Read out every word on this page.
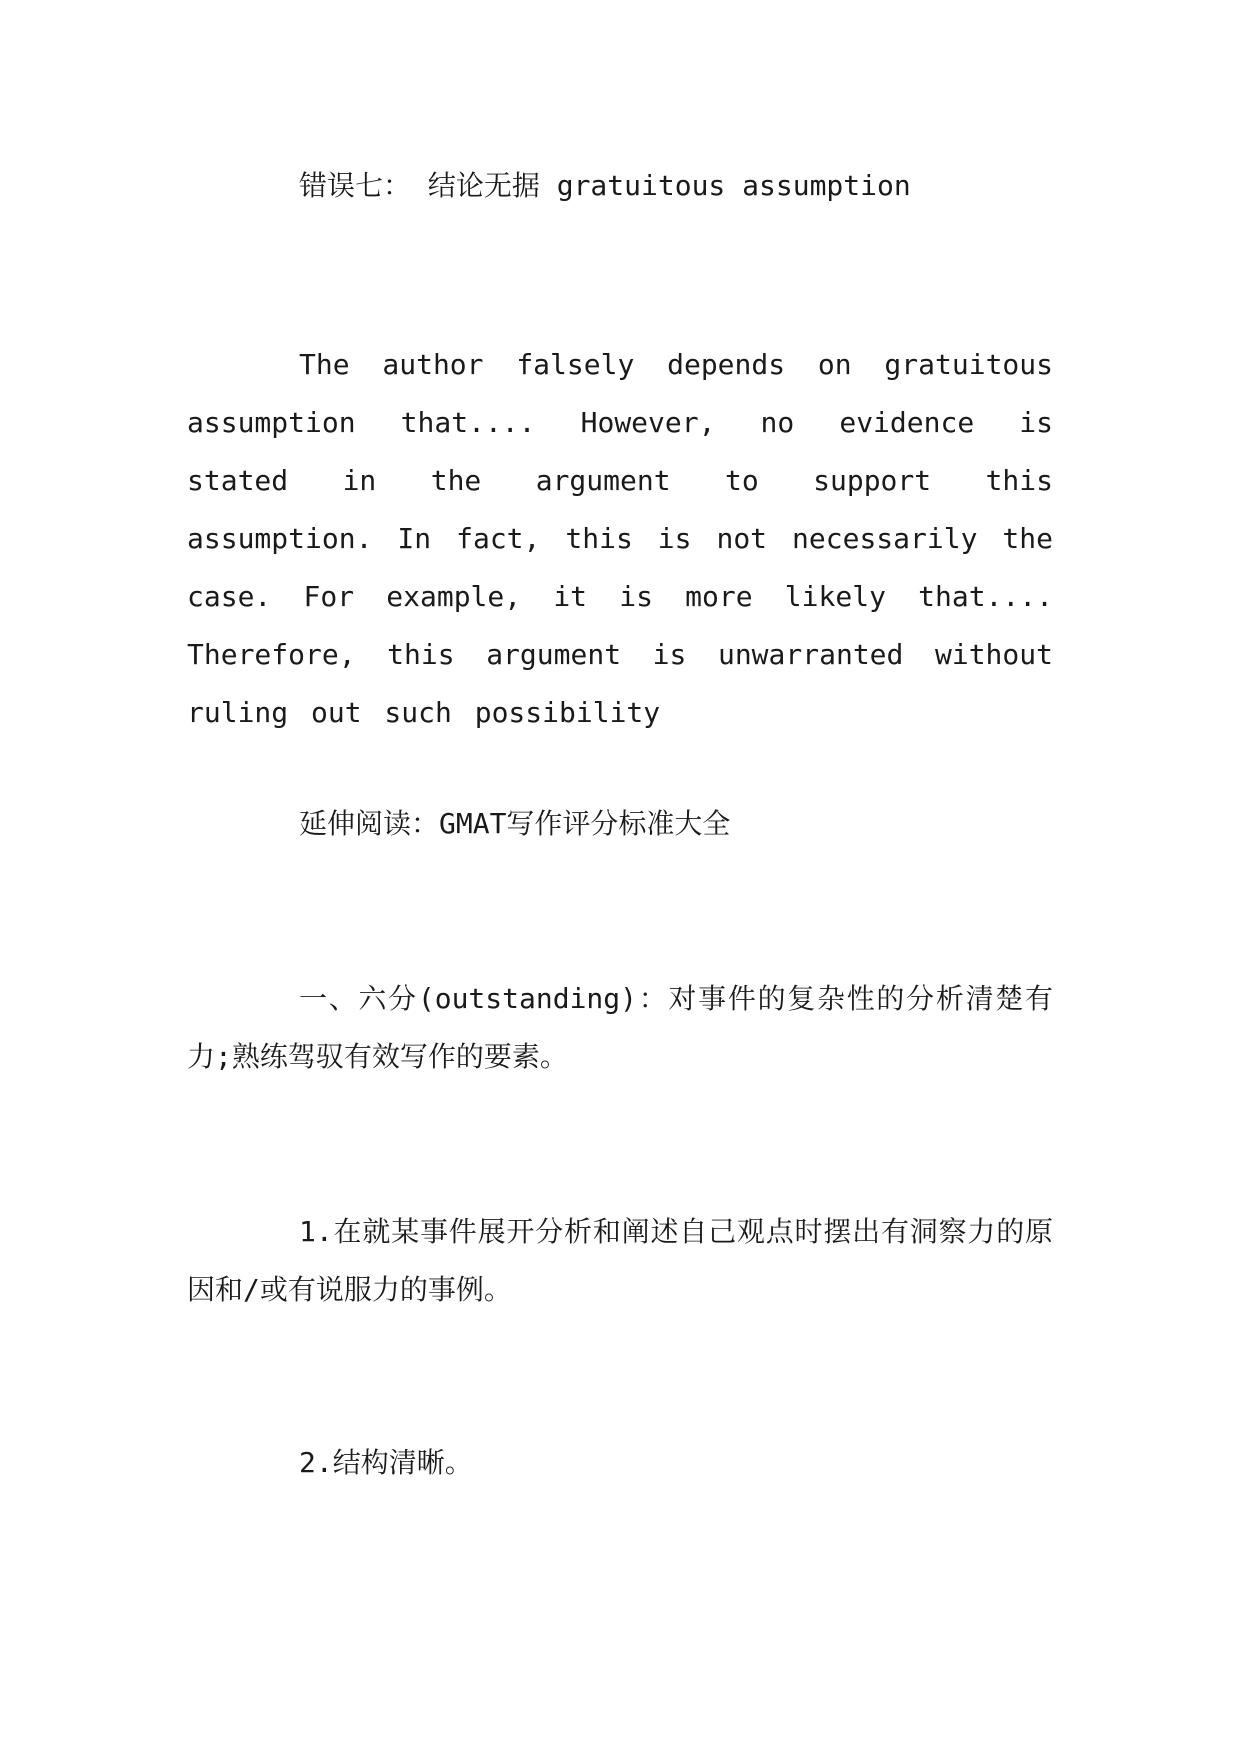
错误七： 结论无据 gratuitous assumption

The author falsely depends on gratuitous assumption that.... However, no evidence is stated in the argument to support this assumption. In fact, this is not necessarily the case. For example, it is more likely that.... Therefore, this argument is unwarranted without ruling out such possibility

延伸阅读：GMAT写作评分标准大全

一、六分(outstanding)：对事件的复杂性的分析清楚有力;熟练驾驭有效写作的要素。

1.在就某事件展开分析和阐述自己观点时摆出有洞察力的原因和/或有说服力的事例。

2.结构清晰。
